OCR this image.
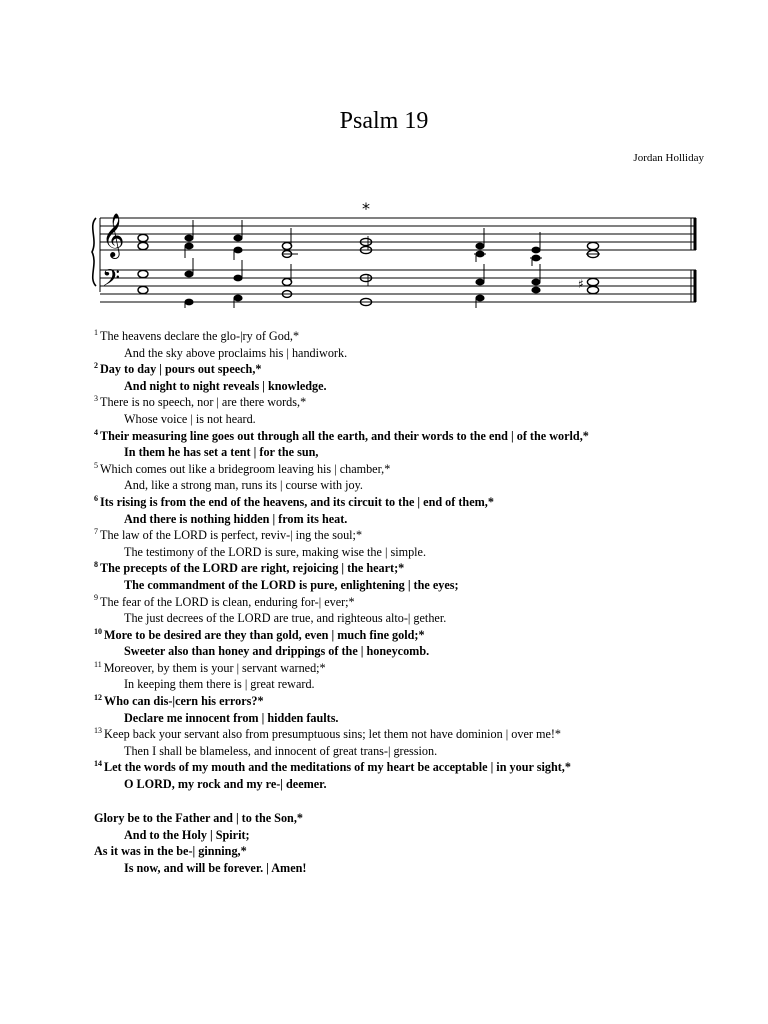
Psalm 19
Jordan Holliday
𝄞
𝄢
*
♯
$^1$ The heavens declare the glo-|ry of God,*
And the sky above proclaims his | handiwork.
$^2$ Day to day | pours out speech,*
And night to night reveals | knowledge.
$^3$ There is no speech, nor | are there words,*
Whose voice | is not heard.
$^4$ Their measuring line goes out through all the earth, and their words to the end | of the world,*
In them he has set a tent | for the sun,
$^5$ Which comes out like a bridegroom leaving his | chamber,*
And, like a strong man, runs its | course with joy.
$^6$ Its rising is from the end of the heavens, and its circuit to the | end of them,*
And there is nothing hidden | from its heat.
$^7$ The law of the LORD is perfect, reviv-| ing the soul;*
The testimony of the LORD is sure, making wise the | simple.
$^8$ The precepts of the LORD are right, rejoicing | the heart;*
The commandment of the LORD is pure, enlightening | the eyes;
$^9$ The fear of the LORD is clean, enduring for-| ever;*
The just decrees of the LORD are true, and righteous alto-| gether.
$^{10}$ More to be desired are they than gold, even | much fine gold;*
Sweeter also than honey and drippings of the | honeycomb.
$^{11}$ Moreover, by them is your | servant warned;*
In keeping them there is | great reward.
$^{12}$ Who can dis-|cern his errors?*
Declare me innocent from | hidden faults.
$^{13}$ Keep back your servant also from presumptuous sins; let them not have dominion | over me!*
Then I shall be blameless, and innocent of great trans-| gression.
$^{14}$ Let the words of my mouth and the meditations of my heart be acceptable | in your sight,*
O LORD, my rock and my re-| deemer.
Glory be to the Father and | to the Son,*
And to the Holy | Spirit;
As it was in the be-| ginning,*
Is now, and will be forever. | Amen!
